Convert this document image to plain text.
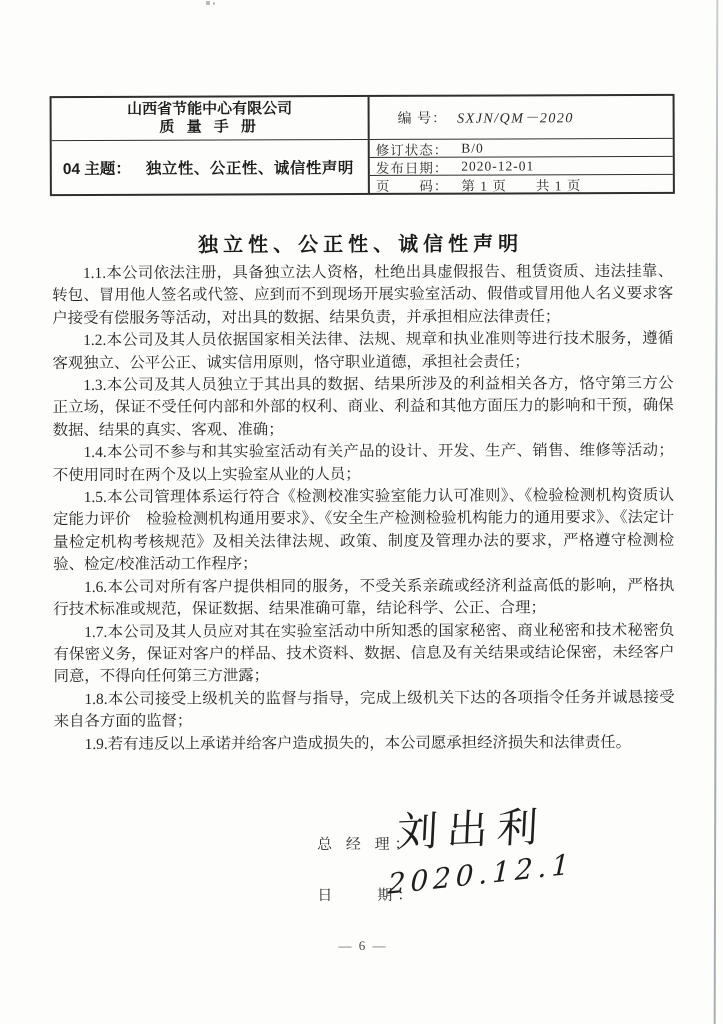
山西省节能中心有限公司
质 量 手 册
04 主题： 独立性、公正性、诚信性声明
编 号： SXJN/QM－2020
修订状态： B/0
发布日期： 2020-12-01
页　　码： 第 1 页　　共 1 页
独立性、公正性、诚信性声明

1.1.本公司依法注册，具备独立法人资格，杜绝出具虚假报告、租赁资质、违法挂靠、转包、冒用他人签名或代签、应到而不到现场开展实验室活动、假借或冒用他人名义要求客户接受有偿服务等活动，对出具的数据、结果负责，并承担相应法律责任；

1.2.本公司及其人员依据国家相关法律、法规、规章和执业准则等进行技术服务，遵循客观独立、公平公正、诚实信用原则，恪守职业道德，承担社会责任；

1.3.本公司及其人员独立于其出具的数据、结果所涉及的利益相关各方，恪守第三方公正立场，保证不受任何内部和外部的权利、商业、利益和其他方面压力的影响和干预，确保数据、结果的真实、客观、准确；

1.4.本公司不参与和其实验室活动有关产品的设计、开发、生产、销售、维修等活动；不使用同时在两个及以上实验室从业的人员；

1.5.本公司管理体系运行符合《检测校准实验室能力认可准则》、《检验检测机构资质认定能力评价　检验检测机构通用要求》、《安全生产检测检验机构能力的通用要求》、《法定计量检定机构考核规范》及相关法律法规、政策、制度及管理办法的要求，严格遵守检测检验、检定/校准活动工作程序；

1.6.本公司对所有客户提供相同的服务，不受关系亲疏或经济利益高低的影响，严格执行技术标准或规范，保证数据、结果准确可靠，结论科学、公正、合理；

1.7.本公司及其人员应对其在实验室活动中所知悉的国家秘密、商业秘密和技术秘密负有保密义务，保证对客户的样品、技术资料、数据、信息及有关结果或结论保密，未经客户同意，不得向任何第三方泄露；

1.8.本公司接受上级机关的监督与指导，完成上级机关下达的各项指令任务并诚恳接受来自各方面的监督；

1.9.若有违反以上承诺并给客户造成损失的，本公司愿承担经济损失和法律责任。

总 经 理：
刘出利
日　　期：
2020.12.1
— 6 —
